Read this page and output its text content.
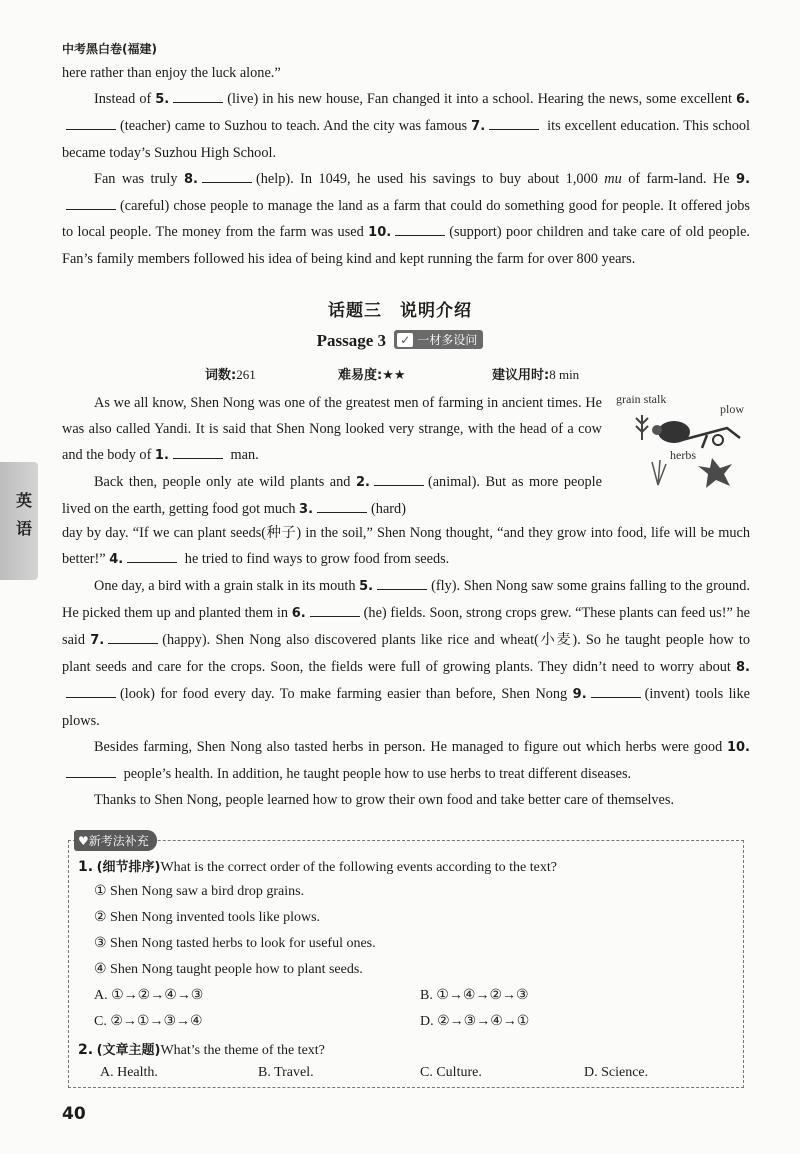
中考黑白卷(福建)

here rather than enjoy the luck alone.”

Instead of 5.	(live) in his new house, Fan changed it into a school. Hearing the news, some excellent 6.(teacher) came to Suzhou to teach. And the city was famous 7.	its excellent education. This school became today’s Suzhou High School.

Fan was truly 8.	(help). In 1049, he used his savings to buy about 1,000 mu of farm-land. He 9.(careful) chose people to manage the land as a farm that could do something good for people. It offered jobs to local people. The money from the farm was used 10.	(support) poor children and take care of old people. Fan’s family members followed his idea of being kind and kept running the farm for over 800 years.

话题三　说明介绍
Passage 3 ✓ 一材多设问
词数:261	难易度:★★	建议用时:8 min
英
语
grain stalk
plow
herbs

As we all know, Shen Nong was one of the greatest men of farming in ancient times. He was also called Yandi. It is said that Shen Nong looked very strange, with the head of a cow and the body of 1.	man.

Back then, people only ate wild plants and 2.	(animal). But as more people lived on the earth, getting food got much 3.	(hard)

day by day. “If we can plant seeds(种子) in the soil,” Shen Nong thought, “and they grow into food, life will be much better!” 4.	he tried to find ways to grow food from seeds.

One day, a bird with a grain stalk in its mouth 5.	(fly). Shen Nong saw some grains falling to the ground. He picked them up and planted them in 6.	(he) fields. Soon, strong crops grew. “These plants can feed us!” he said 7.	(happy). Shen Nong also discovered plants like rice and wheat(小麦). So he taught people how to plant seeds and care for the crops. Soon, the fields were full of growing plants. They didn’t need to worry about 8.(look) for food every day. To make farming easier than before, Shen Nong 9.	(invent) tools like plows.

Besides farming, Shen Nong also tasted herbs in person. He managed to figure out which herbs were good 10. people’s health. In addition, he taught people how to use herbs to treat different diseases.

Thanks to Shen Nong, people learned how to grow their own food and take better care of themselves.

♥新考法补充
1. (细节排序)What is the correct order of the following events according to the text?
① Shen Nong saw a bird drop grains.
② Shen Nong invented tools like plows.
③ Shen Nong tasted herbs to look for useful ones.
④ Shen Nong taught people how to plant seeds.
A. ①→②→④→③	B. ①→④→②→③
C. ②→①→③→④	D. ②→③→④→①
2. (文章主题)What’s the theme of the text?
A. Health.	B. Travel.	C. Culture.	D. Science.
40
